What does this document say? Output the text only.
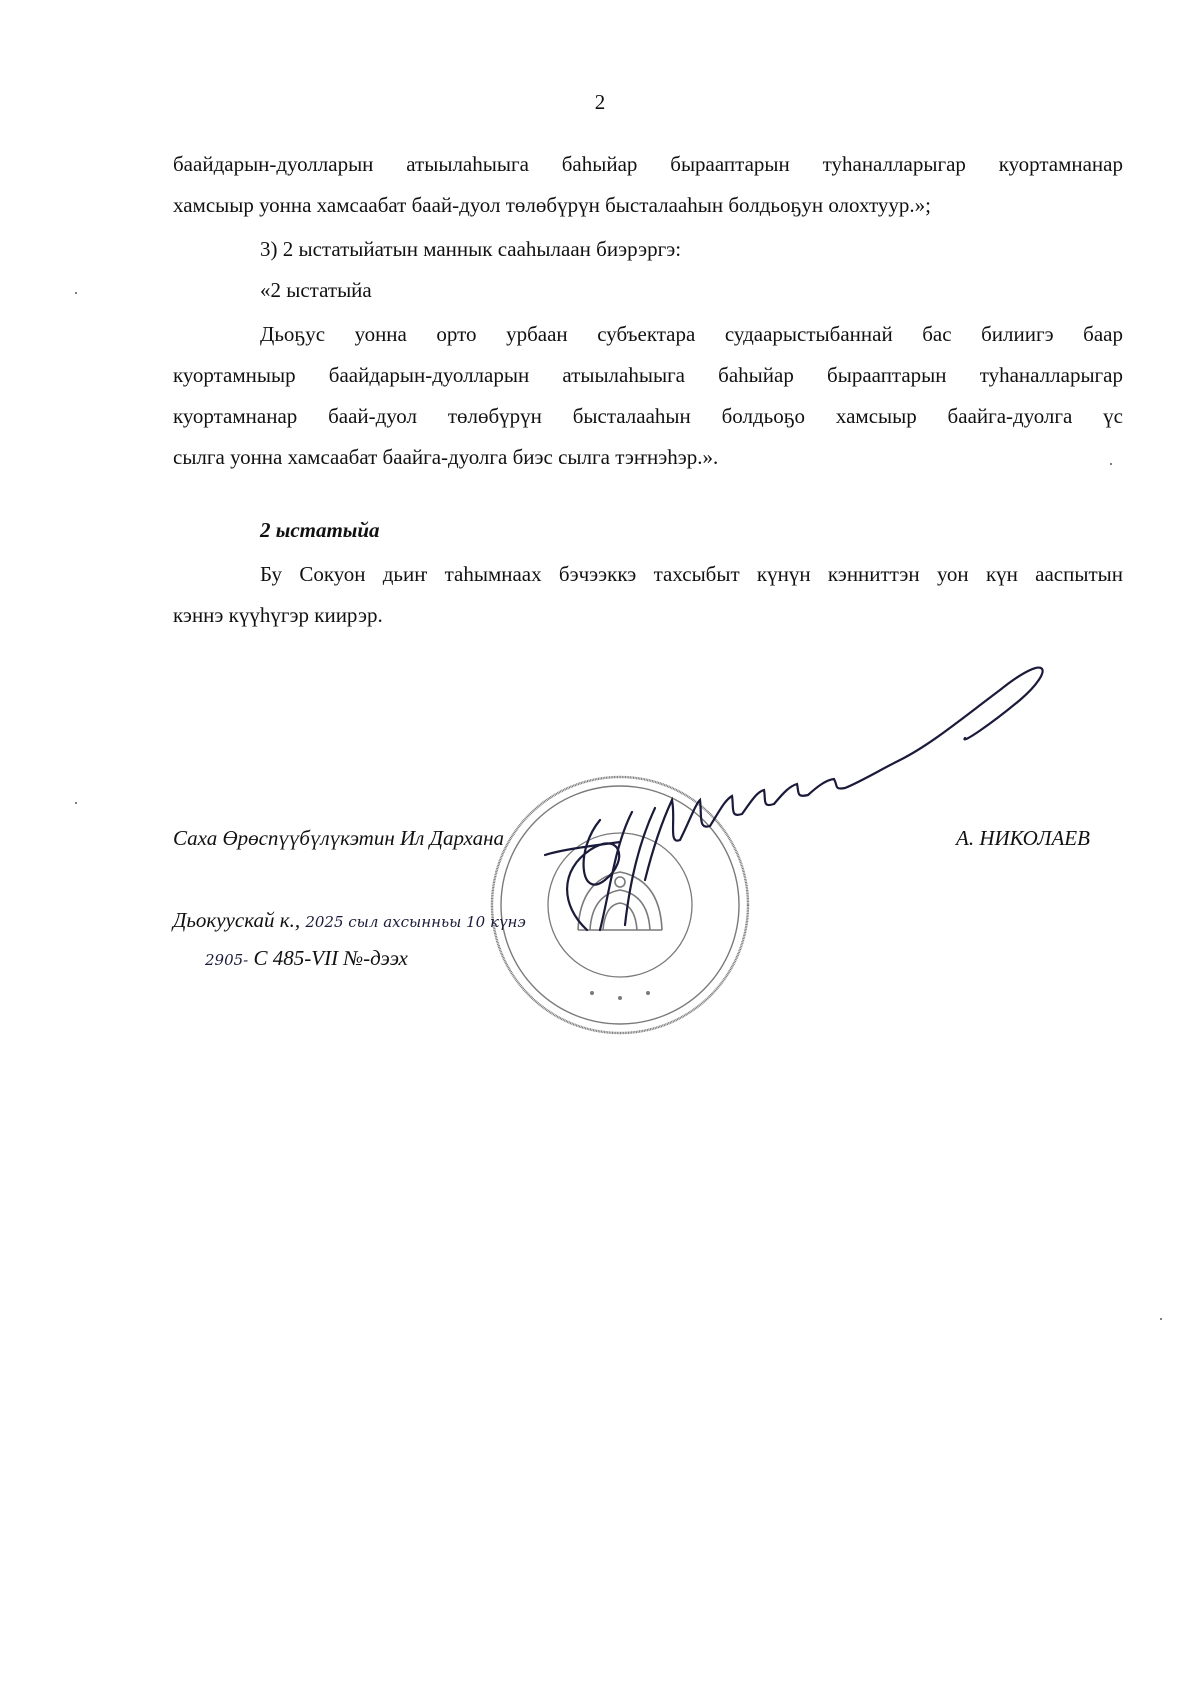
2
баайдарын-дуолларын атыылаһыыга баһыйар бырааптарын туһаналларыгар куортамнанар
хамсыыр уонна хамсаабат баай-дуол төлөбүрүн бысталааһын болдьоҕун олохтуур.»;
3) 2 ыстатыйатын маннык сааһылаан биэрэргэ:
«2 ыстатыйа
Дьоҕус уонна орто урбаан субъектара судаарыстыбаннай бас билиигэ баар
куортамныыр баайдарын-дуолларын атыылаһыыга баһыйар бырааптарын туһаналларыгар
куортамнанар баай-дуол төлөбүрүн бысталааһын болдьоҕо хамсыыр баайга-дуолга үс
сылга уонна хамсаабат баайга-дуолга биэс сылга тэҥнэһэр.».
2 ыстатыйа
Бу Сокуон дьиҥ таһымнаах бэчээккэ тахсыбыт күнүн кэнниттэн уон күн ааспытын
кэннэ күүһүгэр киирэр.
Саха Өрөспүүбүлүкэтин Ил Дархана	А. НИКОЛАЕВ
Дьокуускай к., 2025 сыл ахсынньы 10 күнэ
2905- С 485-VII №-дээх
